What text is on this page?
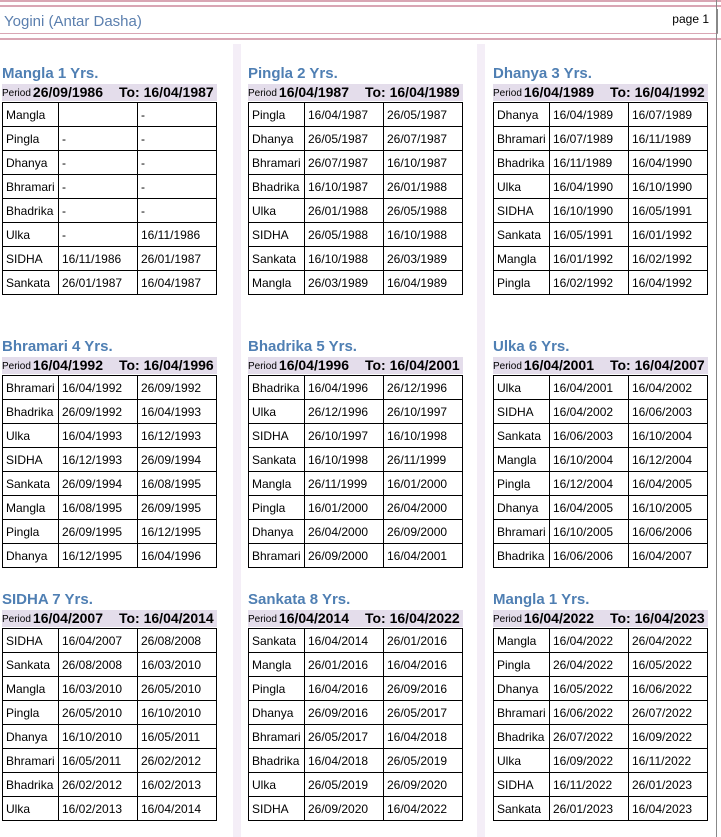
Yogini (Antar Dasha)	page 1
Mangla 1 Yrs.
Period 26/09/1986 To: 16/04/1987
Mangla		-
Pingla	-	-
Dhanya	-	-
Bhramari	-	-
Bhadrika	-	-
Ulka	-	16/11/1986
SIDHA	16/11/1986	26/01/1987
Sankata	26/01/1987	16/04/1987
Pingla 2 Yrs.
Period 16/04/1987 To: 16/04/1989
Pingla	16/04/1987	26/05/1987
Dhanya	26/05/1987	26/07/1987
Bhramari	26/07/1987	16/10/1987
Bhadrika	16/10/1987	26/01/1988
Ulka	26/01/1988	26/05/1988
SIDHA	26/05/1988	16/10/1988
Sankata	16/10/1988	26/03/1989
Mangla	26/03/1989	16/04/1989
Dhanya 3 Yrs.
Period 16/04/1989 To: 16/04/1992
Dhanya	16/04/1989	16/07/1989
Bhramari	16/07/1989	16/11/1989
Bhadrika	16/11/1989	16/04/1990
Ulka	16/04/1990	16/10/1990
SIDHA	16/10/1990	16/05/1991
Sankata	16/05/1991	16/01/1992
Mangla	16/01/1992	16/02/1992
Pingla	16/02/1992	16/04/1992
Bhramari 4 Yrs.
Period 16/04/1992 To: 16/04/1996
Bhramari	16/04/1992	26/09/1992
Bhadrika	26/09/1992	16/04/1993
Ulka	16/04/1993	16/12/1993
SIDHA	16/12/1993	26/09/1994
Sankata	26/09/1994	16/08/1995
Mangla	16/08/1995	26/09/1995
Pingla	26/09/1995	16/12/1995
Dhanya	16/12/1995	16/04/1996
Bhadrika 5 Yrs.
Period 16/04/1996 To: 16/04/2001
Bhadrika	16/04/1996	26/12/1996
Ulka	26/12/1996	26/10/1997
SIDHA	26/10/1997	16/10/1998
Sankata	16/10/1998	26/11/1999
Mangla	26/11/1999	16/01/2000
Pingla	16/01/2000	26/04/2000
Dhanya	26/04/2000	26/09/2000
Bhramari	26/09/2000	16/04/2001
Ulka 6 Yrs.
Period 16/04/2001 To: 16/04/2007
Ulka	16/04/2001	16/04/2002
SIDHA	16/04/2002	16/06/2003
Sankata	16/06/2003	16/10/2004
Mangla	16/10/2004	16/12/2004
Pingla	16/12/2004	16/04/2005
Dhanya	16/04/2005	16/10/2005
Bhramari	16/10/2005	16/06/2006
Bhadrika	16/06/2006	16/04/2007
SIDHA 7 Yrs.
Period 16/04/2007 To: 16/04/2014
SIDHA	16/04/2007	26/08/2008
Sankata	26/08/2008	16/03/2010
Mangla	16/03/2010	26/05/2010
Pingla	26/05/2010	16/10/2010
Dhanya	16/10/2010	16/05/2011
Bhramari	16/05/2011	26/02/2012
Bhadrika	26/02/2012	16/02/2013
Ulka	16/02/2013	16/04/2014
Sankata 8 Yrs.
Period 16/04/2014 To: 16/04/2022
Sankata	16/04/2014	26/01/2016
Mangla	26/01/2016	16/04/2016
Pingla	16/04/2016	26/09/2016
Dhanya	26/09/2016	26/05/2017
Bhramari	26/05/2017	16/04/2018
Bhadrika	16/04/2018	26/05/2019
Ulka	26/05/2019	26/09/2020
SIDHA	26/09/2020	16/04/2022
Mangla 1 Yrs.
Period 16/04/2022 To: 16/04/2023
Mangla	16/04/2022	26/04/2022
Pingla	26/04/2022	16/05/2022
Dhanya	16/05/2022	16/06/2022
Bhramari	16/06/2022	26/07/2022
Bhadrika	26/07/2022	16/09/2022
Ulka	16/09/2022	16/11/2022
SIDHA	16/11/2022	26/01/2023
Sankata	26/01/2023	16/04/2023
